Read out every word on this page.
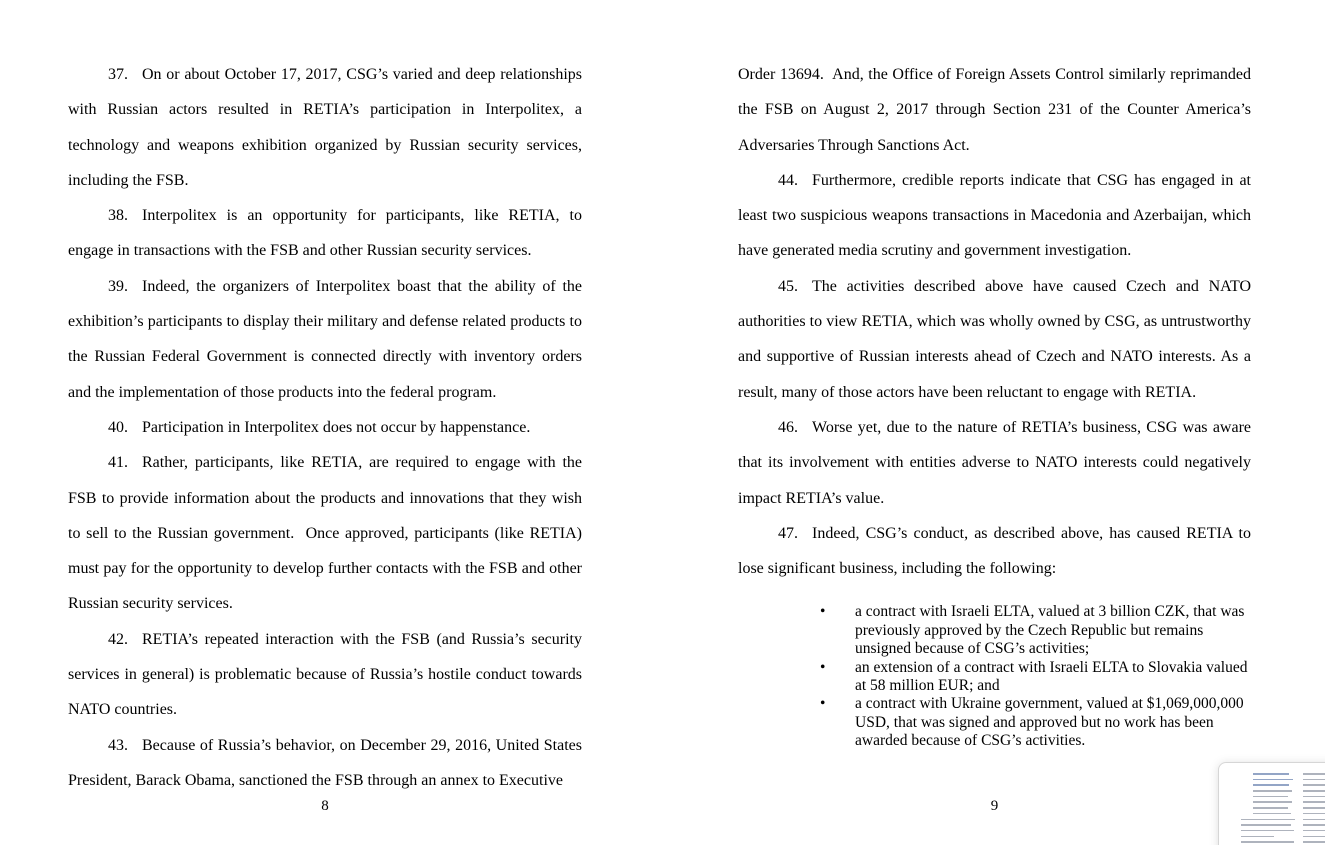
37. On or about October 17, 2017, CSG’s varied and deep relationships with Russian actors resulted in RETIA’s participation in Interpolitex, a technology and weapons exhibition organized by Russian security services, including the FSB.

38. Interpolitex is an opportunity for participants, like RETIA, to engage in transactions with the FSB and other Russian security services.

39. Indeed, the organizers of Interpolitex boast that the ability of the exhibition’s participants to display their military and defense related products to the Russian Federal Government is connected directly with inventory orders and the implementation of those products into the federal program.

40. Participation in Interpolitex does not occur by happenstance.

41. Rather, participants, like RETIA, are required to engage with the FSB to provide information about the products and innovations that they wish to sell to the Russian government.  Once approved, participants (like RETIA) must pay for the opportunity to develop further contacts with the FSB and other Russian security services.

42. RETIA’s repeated interaction with the FSB (and Russia’s security services in general) is problematic because of Russia’s hostile conduct towards NATO countries.

43. Because of Russia’s behavior, on December 29, 2016, United States President, Barack Obama, sanctioned the FSB through an annex to Executive

8

Order 13694.  And, the Office of Foreign Assets Control similarly reprimanded the FSB on August 2, 2017 through Section 231 of the Counter America’s Adversaries Through Sanctions Act.

44. Furthermore, credible reports indicate that CSG has engaged in at least two suspicious weapons transactions in Macedonia and Azerbaijan, which have generated media scrutiny and government investigation.

45. The activities described above have caused Czech and NATO authorities to view RETIA, which was wholly owned by CSG, as untrustworthy and supportive of Russian interests ahead of Czech and NATO interests. As a result, many of those actors have been reluctant to engage with RETIA.

46. Worse yet, due to the nature of RETIA’s business, CSG was aware that its involvement with entities adverse to NATO interests could negatively impact RETIA’s value.

47. Indeed, CSG’s conduct, as described above, has caused RETIA to lose significant business, including the following:

•	a contract with Israeli ELTA, valued at 3 billion CZK, that was previously approved by the Czech Republic but remains unsigned because of CSG’s activities;
•	an extension of a contract with Israeli ELTA to Slovakia valued at 58 million EUR; and
•	a contract with Ukraine government, valued at $1,069,000,000 USD, that was signed and approved but no work has been awarded because of CSG’s activities.
9
